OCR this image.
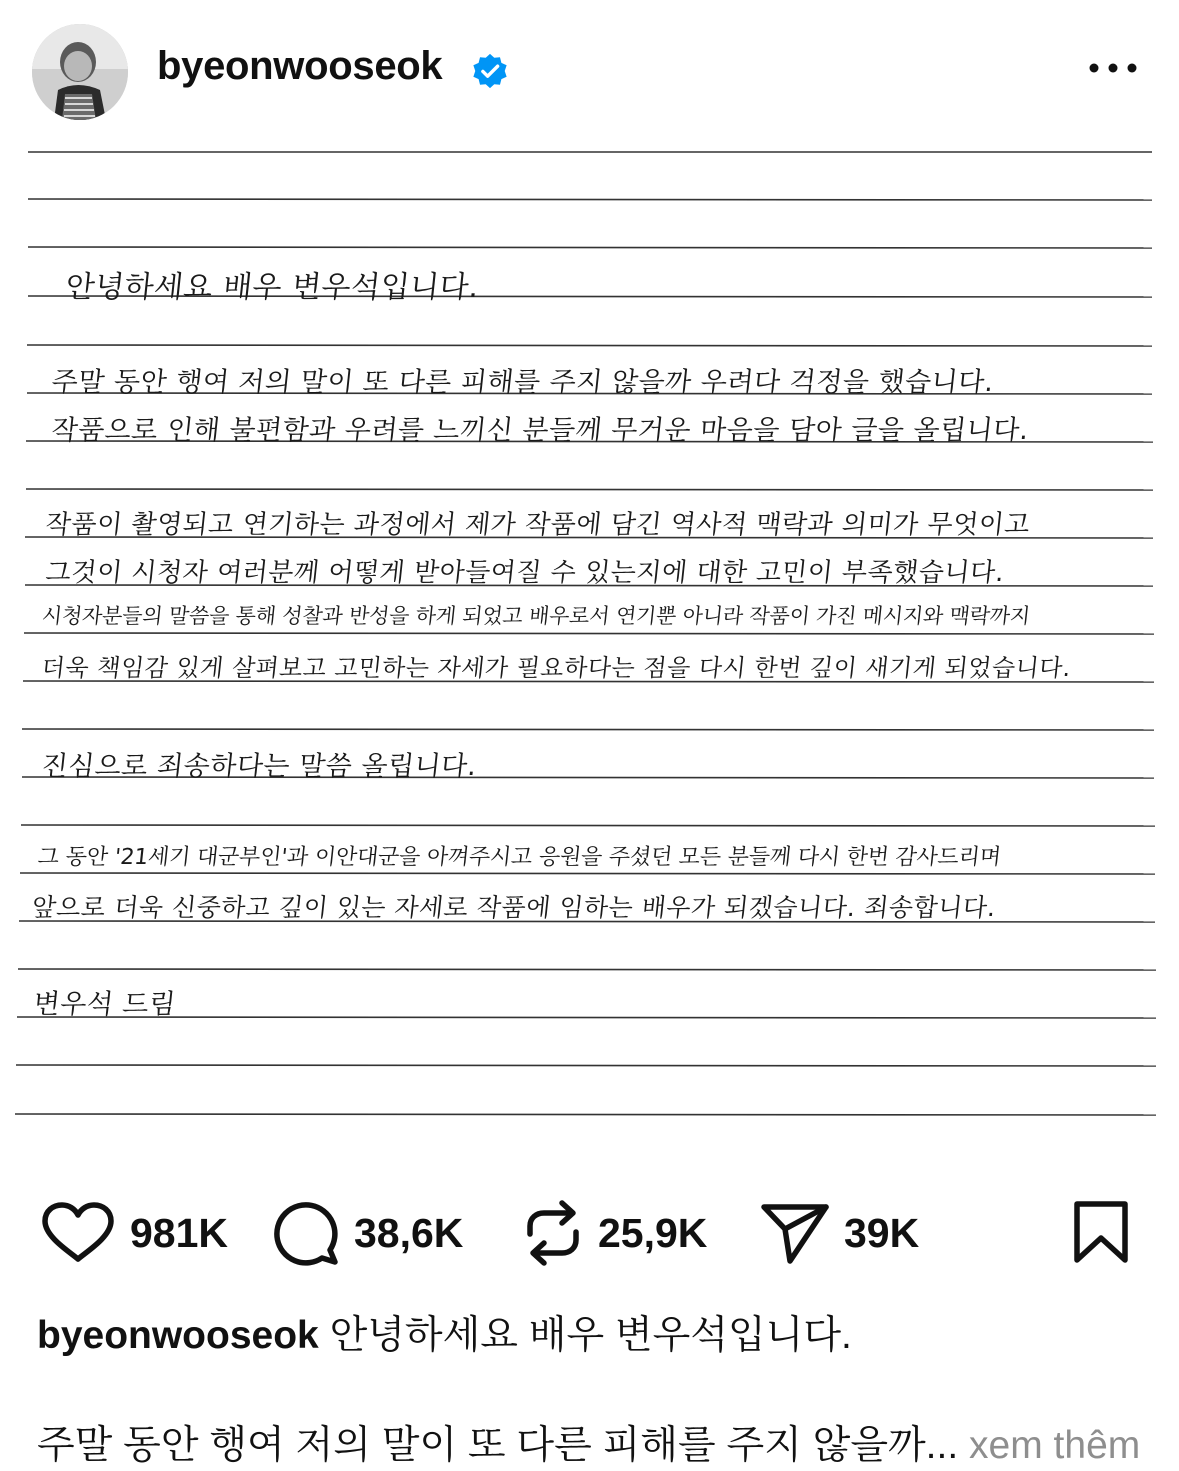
byeonwooseok
안녕하세요 배우 변우석입니다.
주말 동안 행여 저의 말이 또 다른 피해를 주지 않을까 우려다 걱정을 했습니다.
작품으로 인해 불편함과 우려를 느끼신 분들께 무거운 마음을 담아 글을 올립니다.
작품이 촬영되고 연기하는 과정에서 제가 작품에 담긴 역사적 맥락과 의미가 무엇이고
그것이 시청자 여러분께 어떻게 받아들여질 수 있는지에 대한 고민이 부족했습니다.
시청자분들의 말씀을 통해 성찰과 반성을 하게 되었고 배우로서 연기뿐 아니라 작품이 가진 메시지와 맥락까지
더욱 책임감 있게 살펴보고 고민하는 자세가 필요하다는 점을 다시 한번 깊이 새기게 되었습니다.
진심으로 죄송하다는 말씀 올립니다.
그 동안 '21세기 대군부인'과 이안대군을 아껴주시고 응원을 주셨던 모든 분들께 다시 한번 감사드리며
앞으로 더욱 신중하고 깊이 있는 자세로 작품에 임하는 배우가 되겠습니다. 죄송합니다.
변우석 드림
981K	38,6K	25,9K	39K
byeonwooseok 안녕하세요 배우 변우석입니다.
주말 동안 행여 저의 말이 또 다른 피해를 주지 않을까... xem thêm
